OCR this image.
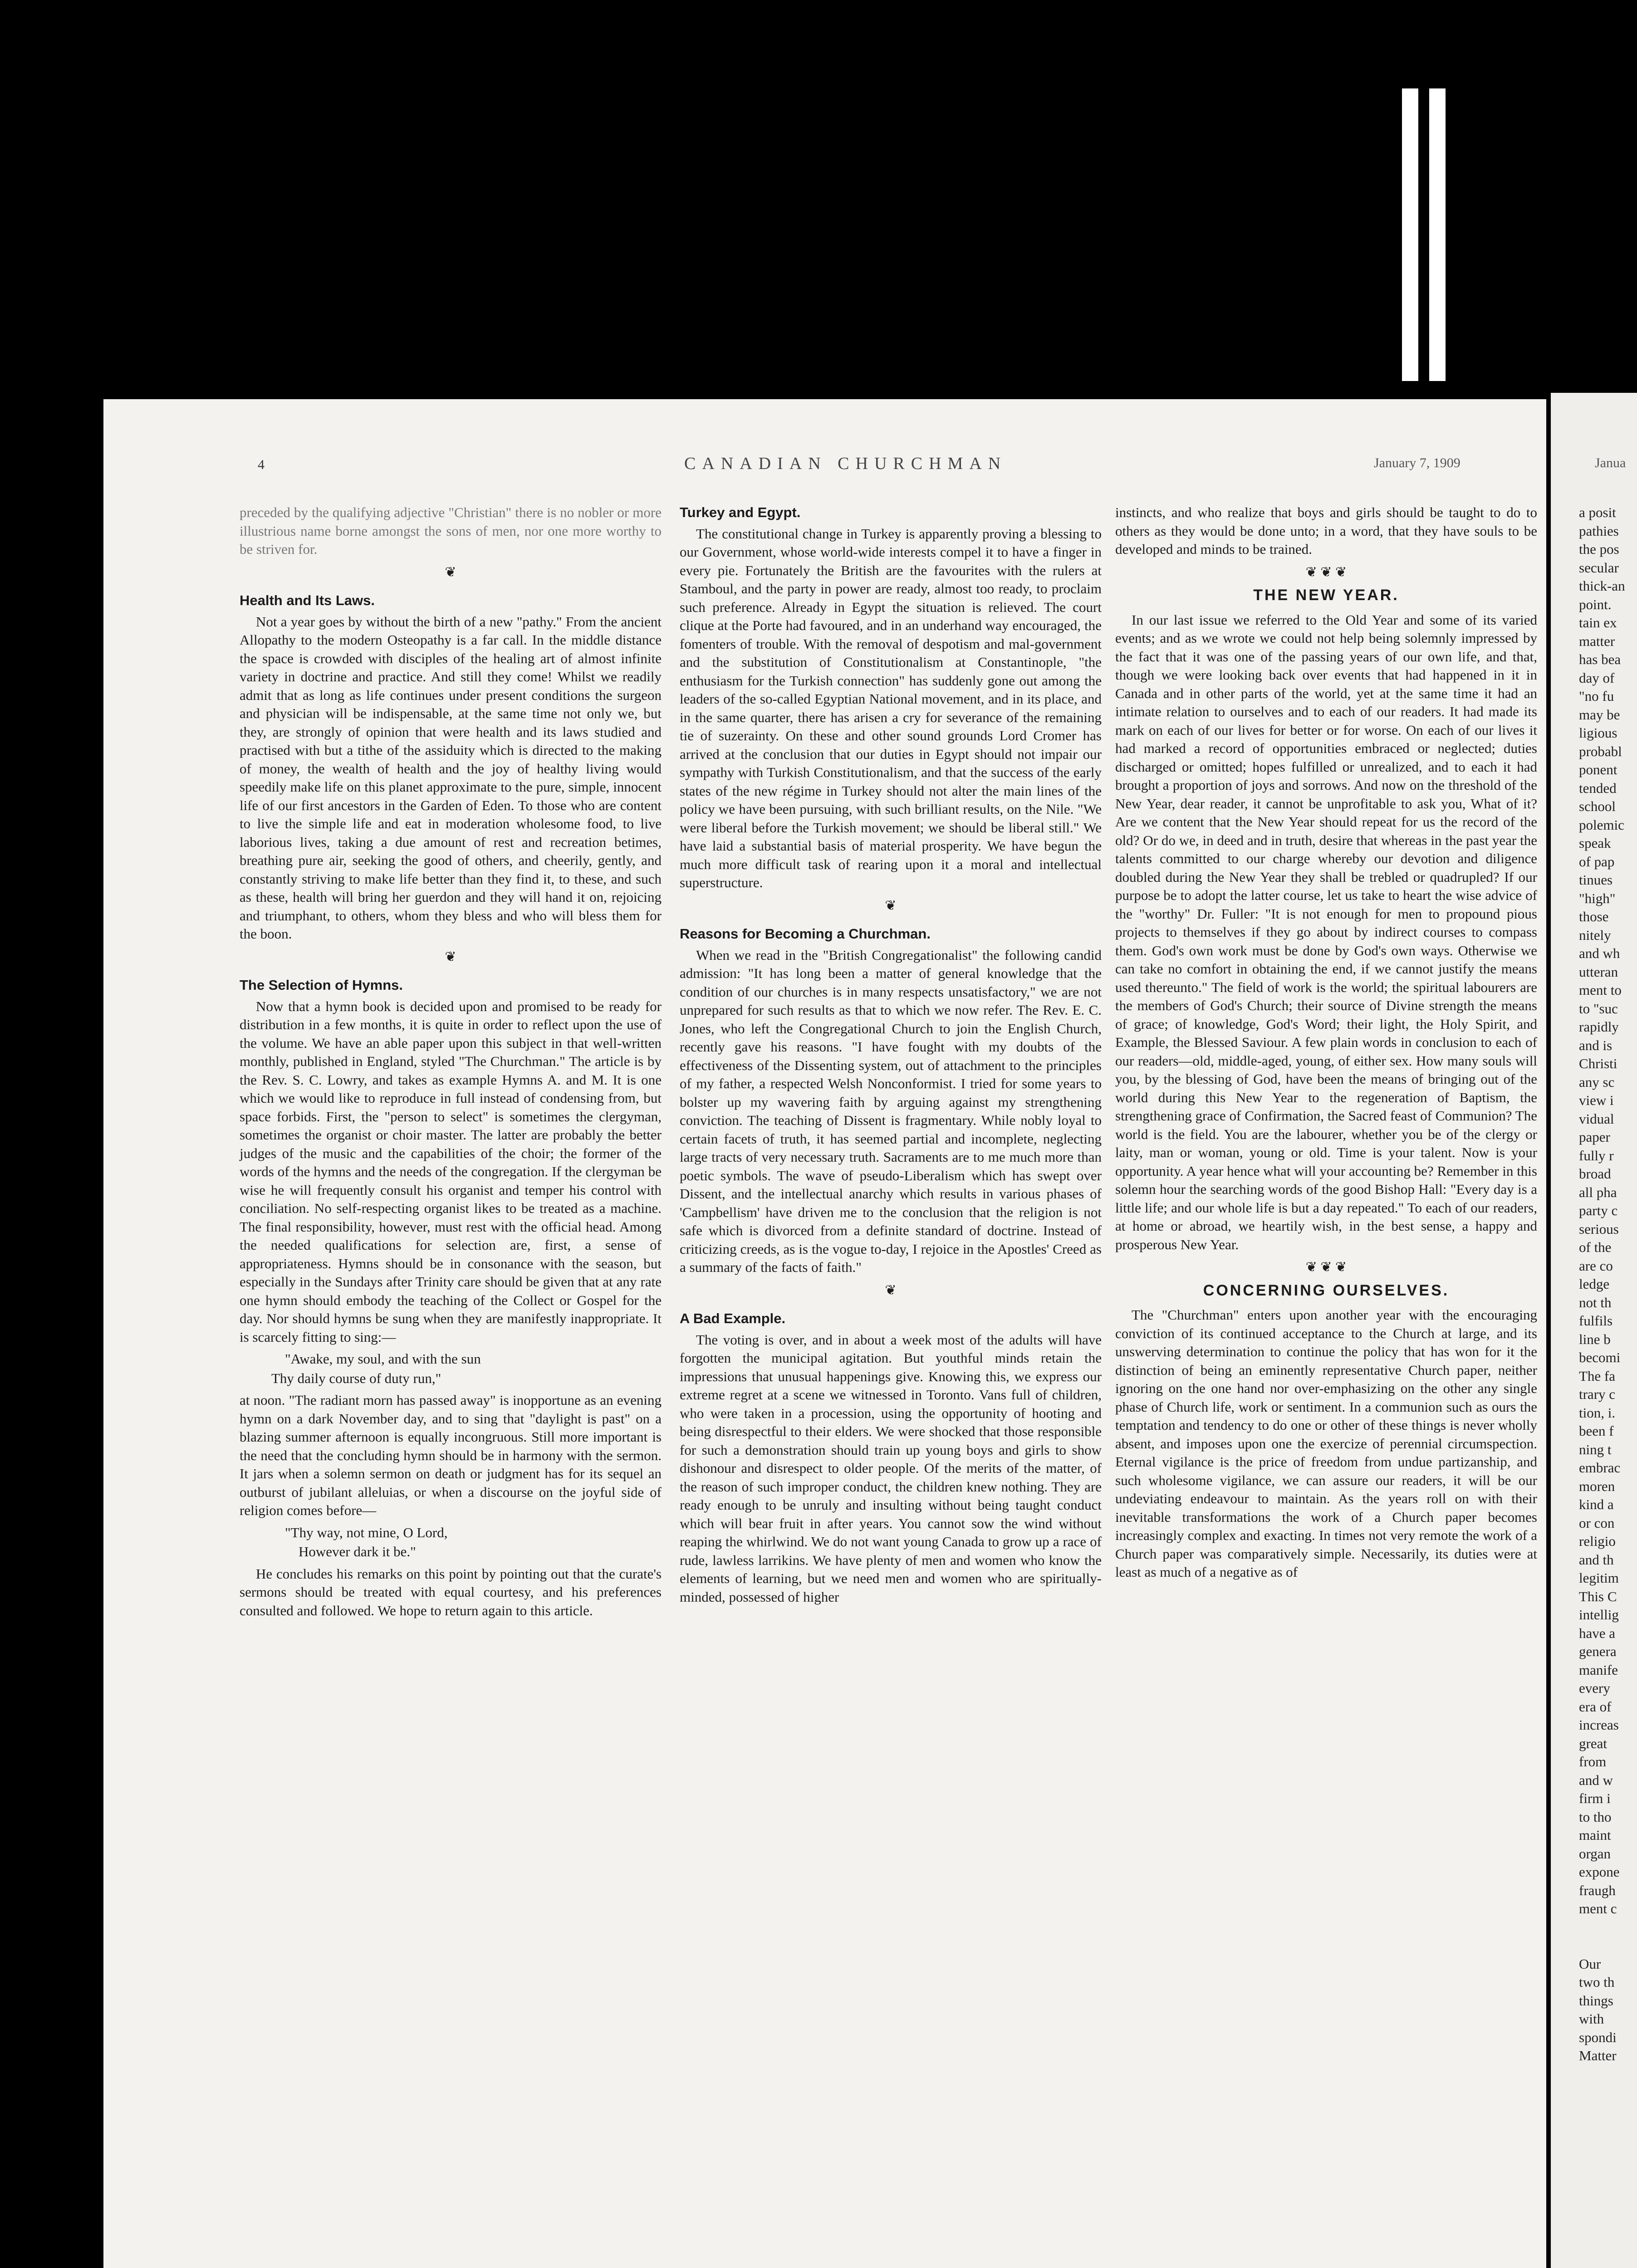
4	CANADIAN CHURCHMAN	January 7, 1909

preceded by the qualifying adjective "Christian" there is no nobler or more illustrious name borne amongst the sons of men, nor one more worthy to be striven for.

❦
Health and Its Laws.

Not a year goes by without the birth of a new "pathy." From the ancient Allopathy to the modern Osteopathy is a far call. In the middle distance the space is crowded with disciples of the healing art of almost infinite variety in doctrine and practice. And still they come! Whilst we readily admit that as long as life continues under present conditions the surgeon and physician will be indispensable, at the same time not only we, but they, are strongly of opinion that were health and its laws studied and practised with but a tithe of the assiduity which is directed to the making of money, the wealth of health and the joy of healthy living would speedily make life on this planet approximate to the pure, simple, innocent life of our first ancestors in the Garden of Eden. To those who are content to live the simple life and eat in moderation wholesome food, to live laborious lives, taking a due amount of rest and recreation betimes, breathing pure air, seeking the good of others, and cheerily, gently, and constantly striving to make life better than they find it, to these, and such as these, health will bring her guerdon and they will hand it on, rejoicing and triumphant, to others, whom they bless and who will bless them for the boon.

❦
The Selection of Hymns.

Now that a hymn book is decided upon and promised to be ready for distribution in a few months, it is quite in order to reflect upon the use of the volume. We have an able paper upon this subject in that well-written monthly, published in England, styled "The Churchman." The article is by the Rev. S. C. Lowry, and takes as example Hymns A. and M. It is one which we would like to reproduce in full instead of condensing from, but space forbids. First, the "person to select" is sometimes the clergyman, sometimes the organist or choir master. The latter are probably the better judges of the music and the capabilities of the choir; the former of the words of the hymns and the needs of the congregation. If the clergyman be wise he will frequently consult his organist and temper his control with conciliation. No self-respecting organist likes to be treated as a machine. The final responsibility, however, must rest with the official head. Among the needed qualifications for selection are, first, a sense of appropriateness. Hymns should be in consonance with the season, but especially in the Sundays after Trinity care should be given that at any rate one hymn should embody the teaching of the Collect or Gospel for the day. Nor should hymns be sung when they are manifestly inappropriate. It is scarcely fitting to sing:—

"Awake, my soul, and with the sun

Thy daily course of duty run,"

at noon. "The radiant morn has passed away" is inopportune as an evening hymn on a dark November day, and to sing that "daylight is past" on a blazing summer afternoon is equally incongruous. Still more important is the need that the concluding hymn should be in harmony with the sermon. It jars when a solemn sermon on death or judgment has for its sequel an outburst of jubilant alleluias, or when a discourse on the joyful side of religion comes before—

"Thy way, not mine, O Lord,

However dark it be."

He concludes his remarks on this point by pointing out that the curate's sermons should be treated with equal courtesy, and his preferences consulted and followed. We hope to return again to this article.

Turkey and Egypt.

The constitutional change in Turkey is apparently proving a blessing to our Government, whose world-wide interests compel it to have a finger in every pie. Fortunately the British are the favourites with the rulers at Stamboul, and the party in power are ready, almost too ready, to proclaim such preference. Already in Egypt the situation is relieved. The court clique at the Porte had favoured, and in an underhand way encouraged, the fomenters of trouble. With the removal of despotism and mal-government and the substitution of Constitutionalism at Constantinople, "the enthusiasm for the Turkish connection" has suddenly gone out among the leaders of the so-called Egyptian National movement, and in its place, and in the same quarter, there has arisen a cry for severance of the remaining tie of suzerainty. On these and other sound grounds Lord Cromer has arrived at the conclusion that our duties in Egypt should not impair our sympathy with Turkish Constitutionalism, and that the success of the early states of the new régime in Turkey should not alter the main lines of the policy we have been pursuing, with such brilliant results, on the Nile. "We were liberal before the Turkish movement; we should be liberal still." We have laid a substantial basis of material prosperity. We have begun the much more difficult task of rearing upon it a moral and intellectual superstructure.

❦
Reasons for Becoming a Churchman.

When we read in the "British Congregationalist" the following candid admission: "It has long been a matter of general knowledge that the condition of our churches is in many respects unsatisfactory," we are not unprepared for such results as that to which we now refer. The Rev. E. C. Jones, who left the Congregational Church to join the English Church, recently gave his reasons. "I have fought with my doubts of the effectiveness of the Dissenting system, out of attachment to the principles of my father, a respected Welsh Nonconformist. I tried for some years to bolster up my wavering faith by arguing against my strengthening conviction. The teaching of Dissent is fragmentary. While nobly loyal to certain facets of truth, it has seemed partial and incomplete, neglecting large tracts of very necessary truth. Sacraments are to me much more than poetic symbols. The wave of pseudo-Liberalism which has swept over Dissent, and the intellectual anarchy which results in various phases of 'Campbellism' have driven me to the conclusion that the religion is not safe which is divorced from a definite standard of doctrine. Instead of criticizing creeds, as is the vogue to-day, I rejoice in the Apostles' Creed as a summary of the facts of faith."

❦
A Bad Example.

The voting is over, and in about a week most of the adults will have forgotten the municipal agitation. But youthful minds retain the impressions that unusual happenings give. Knowing this, we express our extreme regret at a scene we witnessed in Toronto. Vans full of children, who were taken in a procession, using the opportunity of hooting and being disrespectful to their elders. We were shocked that those responsible for such a demonstration should train up young boys and girls to show dishonour and disrespect to older people. Of the merits of the matter, of the reason of such improper conduct, the children knew nothing. They are ready enough to be unruly and insulting without being taught conduct which will bear fruit in after years. You cannot sow the wind without reaping the whirlwind. We do not want young Canada to grow up a race of rude, lawless larrikins. We have plenty of men and women who know the elements of learning, but we need men and women who are spiritually-minded, possessed of higher

instincts, and who realize that boys and girls should be taught to do to others as they would be done unto; in a word, that they have souls to be developed and minds to be trained.

❦ ❦ ❦
THE NEW YEAR.

In our last issue we referred to the Old Year and some of its varied events; and as we wrote we could not help being solemnly impressed by the fact that it was one of the passing years of our own life, and that, though we were looking back over events that had happened in it in Canada and in other parts of the world, yet at the same time it had an intimate relation to ourselves and to each of our readers. It had made its mark on each of our lives for better or for worse. On each of our lives it had marked a record of opportunities embraced or neglected; duties discharged or omitted; hopes fulfilled or unrealized, and to each it had brought a proportion of joys and sorrows. And now on the threshold of the New Year, dear reader, it cannot be unprofitable to ask you, What of it? Are we content that the New Year should repeat for us the record of the old? Or do we, in deed and in truth, desire that whereas in the past year the talents committed to our charge whereby our devotion and diligence doubled during the New Year they shall be trebled or quadrupled? If our purpose be to adopt the latter course, let us take to heart the wise advice of the "worthy" Dr. Fuller: "It is not enough for men to propound pious projects to themselves if they go about by indirect courses to compass them. God's own work must be done by God's own ways. Otherwise we can take no comfort in obtaining the end, if we cannot justify the means used thereunto." The field of work is the world; the spiritual labourers are the members of God's Church; their source of Divine strength the means of grace; of knowledge, God's Word; their light, the Holy Spirit, and Example, the Blessed Saviour. A few plain words in conclusion to each of our readers—old, middle-aged, young, of either sex. How many souls will you, by the blessing of God, have been the means of bringing out of the world during this New Year to the regeneration of Baptism, the strengthening grace of Confirmation, the Sacred feast of Communion? The world is the field. You are the labourer, whether you be of the clergy or laity, man or woman, young or old. Time is your talent. Now is your opportunity. A year hence what will your accounting be? Remember in this solemn hour the searching words of the good Bishop Hall: "Every day is a little life; and our whole life is but a day repeated." To each of our readers, at home or abroad, we heartily wish, in the best sense, a happy and prosperous New Year.

❦ ❦ ❦
CONCERNING OURSELVES.

The "Churchman" enters upon another year with the encouraging conviction of its continued acceptance to the Church at large, and its unswerving determination to continue the policy that has won for it the distinction of being an eminently representative Church paper, neither ignoring on the one hand nor over-emphasizing on the other any single phase of Church life, work or sentiment. In a communion such as ours the temptation and tendency to do one or other of these things is never wholly absent, and imposes upon one the exercize of perennial circumspection. Eternal vigilance is the price of freedom from undue partizanship, and such wholesome vigilance, we can assure our readers, it will be our undeviating endeavour to maintain. As the years roll on with their inevitable transformations the work of a Church paper becomes increasingly complex and exacting. In times not very remote the work of a Church paper was comparatively simple. Necessarily, its duties were at least as much of a negative as of

Janua
a posit
pathies
the pos
secular
thick-an
point.
tain ex
matter
has bea
day of
"no fu
may be
ligious
probabl
ponent
tended
school
polemic
speak
of pap
tinues
"high"
those
nitely
and wh
utteran
ment to
to "suc
rapidly
and is
Christi
any sc
view i
vidual
paper
fully r
broad
all pha
party c
serious
of the
are co
ledge
not th
fulfils
line b
becomi
The fa
trary c
tion, i.
been f
ning t
embrac
moren
kind a
or con
religio
and th
legitim
This C
intellig
have a
genera
manife
every
era of
increas
great
from
and w
firm i
to tho
maint
organ
expone
fraugh
ment c

Our
two th
things
with
spondi
Matter
